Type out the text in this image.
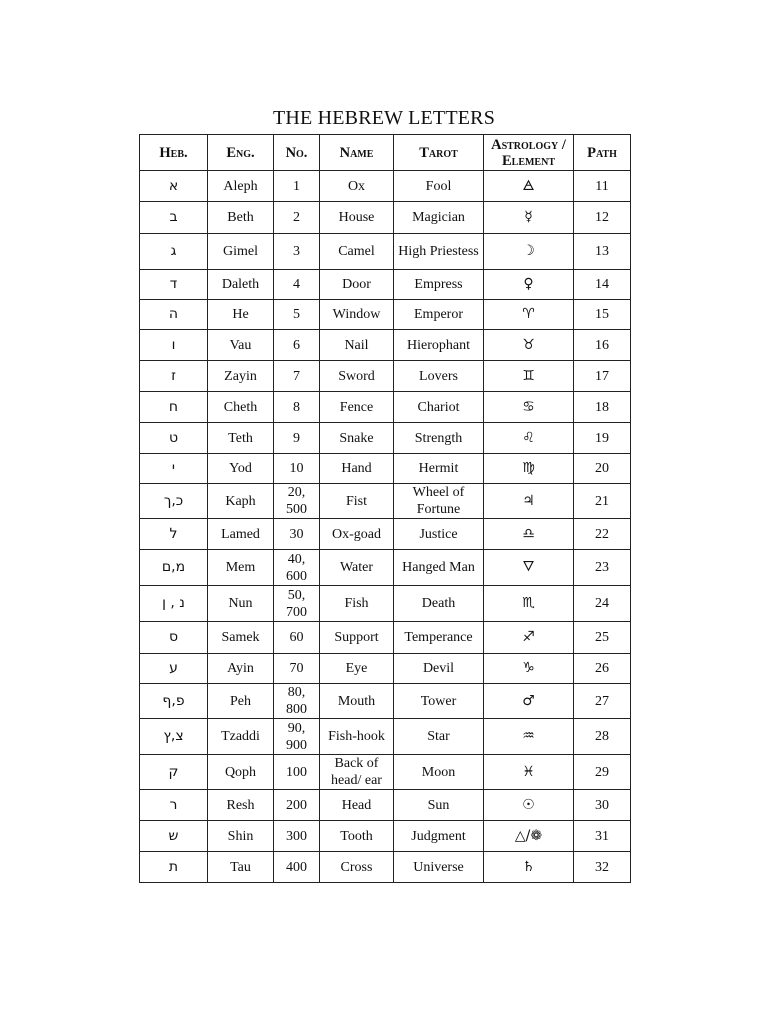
THE HEBREW LETTERS
Heb.	Eng.	No.	Name	Tarot	Astrology / Element	Path
א	Aleph	1	Ox	Fool	🜁	11
ב	Beth	2	House	Magician	☿	12
ג	Gimel	3	Camel	High Priestess	☽	13
ד	Daleth	4	Door	Empress	♀	14
ה	He	5	Window	Emperor	♈	15
ו	Vau	6	Nail	Hierophant	♉	16
ז	Zayin	7	Sword	Lovers	♊	17
ח	Cheth	8	Fence	Chariot	♋	18
ט	Teth	9	Snake	Strength	♌	19
י	Yod	10	Hand	Hermit	♍	20
כ,ך	Kaph	20, 500	Fist	Wheel of Fortune	♃	21
ל	Lamed	30	Ox-goad	Justice	♎	22
מ,ם	Mem	40, 600	Water	Hanged Man	🜄	23
נ , ן	Nun	50, 700	Fish	Death	♏	24
ס	Samek	60	Support	Temperance	♐	25
ע	Ayin	70	Eye	Devil	♑	26
פ,ף	Peh	80, 800	Mouth	Tower	♂	27
צ,ץ	Tzaddi	90, 900	Fish-hook	Star	♒	28
ק	Qoph	100	Back of head/ ear	Moon	♓	29
ר	Resh	200	Head	Sun	☉	30
ש	Shin	300	Tooth	Judgment	△/❁	31
ת	Tau	400	Cross	Universe	♄	32
